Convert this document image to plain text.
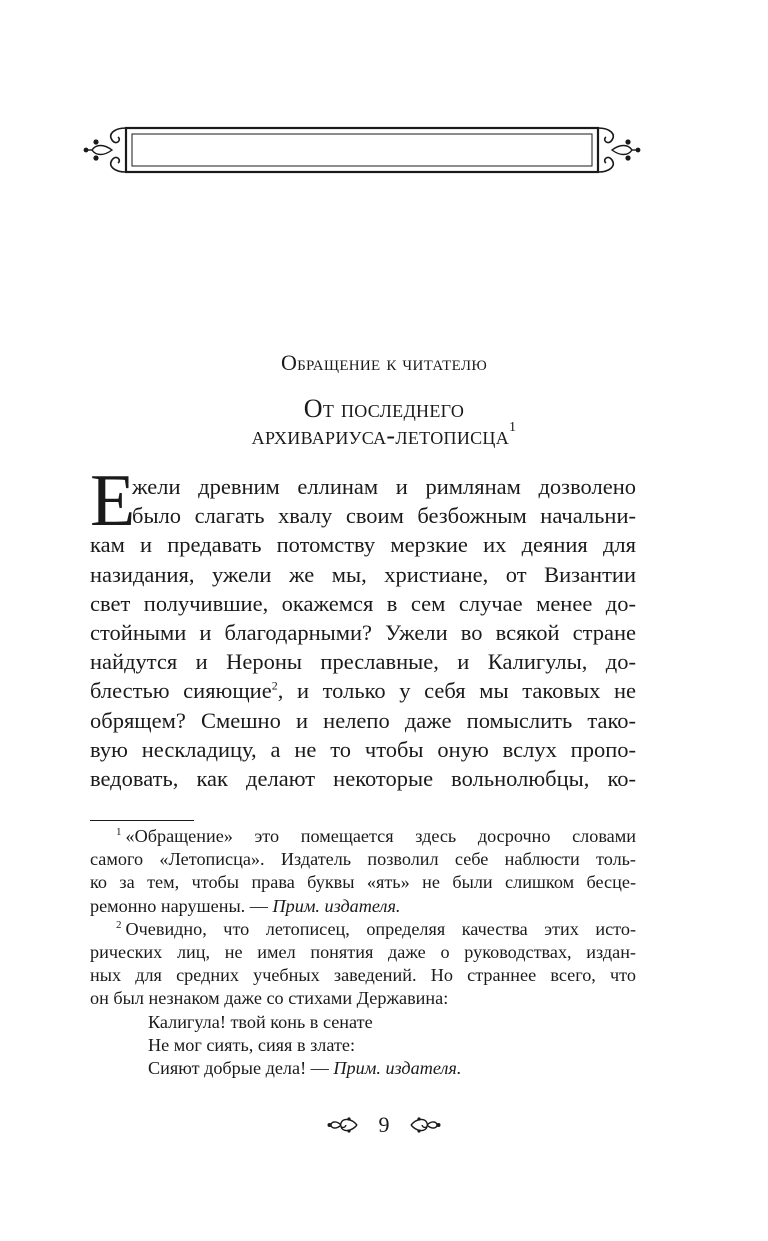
Обращение к читателю
От последнего
архивариуса-летописца$^1$
Е
жели древним еллинам и римлянам дозволено
было слагать хвалу своим безбожным начальни-
кам и предавать потомству мерзкие их деяния для
назидания, ужели же мы, христиане, от Византии
свет получившие, окажемся в сем случае менее до-
стойными и благодарными? Ужели во всякой стране
найдутся и Нероны преславные, и Калигулы, до-
блестью сияющие$^2$, и только у себя мы таковых не
обрящем? Смешно и нелепо даже помыслить тако-
вую нескладицу, а не то чтобы оную вслух пропо-
ведовать, как делают некоторые вольнолюбцы, ко-
$^1$ «Обращение» это помещается здесь досрочно словами
самого «Летописца». Издатель позволил себе наблюсти толь-
ко за тем, чтобы права буквы «ять» не были слишком бесце-
ремонно нарушены. — Прим. издателя.
$^2$ Очевидно, что летописец, определяя качества этих исто-
рических лиц, не имел понятия даже о руководствах, издан-
ных для средних учебных заведений. Но страннее всего, что
он был незнаком даже со стихами Державина:
Калигула! твой конь в сенате
Не мог сиять, сияя в злате:
Сияют добрые дела! — Прим. издателя.
9
